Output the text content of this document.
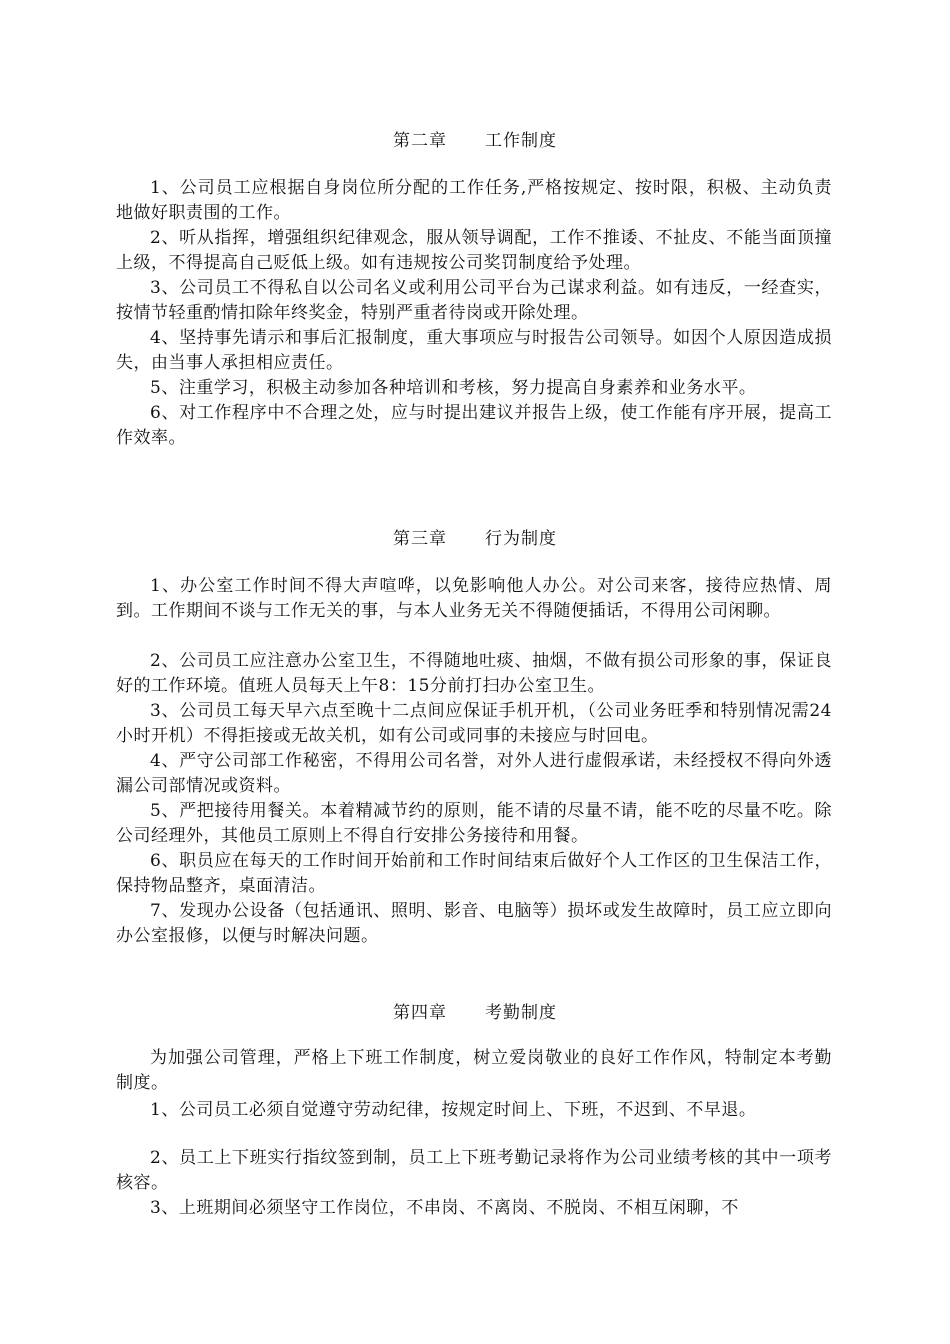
第二章 工作制度

1、公司员工应根据自身岗位所分配的工作任务,严格按规定、按时限，积极、主动负责地做好职责围的工作。

2、听从指挥，增强组织纪律观念，服从领导调配，工作不推诿、不扯皮、不能当面顶撞上级，不得提高自己贬低上级。如有违规按公司奖罚制度给予处理。

3、公司员工不得私自以公司名义或利用公司平台为己谋求利益。如有违反，一经查实，按情节轻重酌情扣除年终奖金，特别严重者待岗或开除处理。

4、坚持事先请示和事后汇报制度，重大事项应与时报告公司领导。如因个人原因造成损失，由当事人承担相应责任。

5、注重学习，积极主动参加各种培训和考核，努力提高自身素养和业务水平。

6、对工作程序中不合理之处，应与时提出建议并报告上级，使工作能有序开展，提高工作效率。

第三章 行为制度

1、办公室工作时间不得大声喧哗，以免影响他人办公。对公司来客，接待应热情、周到。工作期间不谈与工作无关的事，与本人业务无关不得随便插话，不得用公司闲聊。

2、公司员工应注意办公室卫生，不得随地吐痰、抽烟，不做有损公司形象的事，保证良好的工作环境。值班人员每天上午8：15分前打扫办公室卫生。

3、公司员工每天早六点至晚十二点间应保证手机开机，（公司业务旺季和特别情况需24小时开机）不得拒接或无故关机，如有公司或同事的未接应与时回电。

4、严守公司部工作秘密，不得用公司名誉，对外人进行虚假承诺，未经授权不得向外透漏公司部情况或资料。

5、严把接待用餐关。本着精减节约的原则，能不请的尽量不请，能不吃的尽量不吃。除公司经理外，其他员工原则上不得自行安排公务接待和用餐。

6、职员应在每天的工作时间开始前和工作时间结束后做好个人工作区的卫生保洁工作，保持物品整齐，桌面清洁。

7、发现办公设备（包括通讯、照明、影音、电脑等）损坏或发生故障时，员工应立即向办公室报修，以便与时解决问题。

第四章 考勤制度

为加强公司管理，严格上下班工作制度，树立爱岗敬业的良好工作作风，特制定本考勤制度。

1、公司员工必须自觉遵守劳动纪律，按规定时间上、下班，不迟到、不早退。

2、员工上下班实行指纹签到制，员工上下班考勤记录将作为公司业绩考核的其中一项考核容。

3、上班期间必须坚守工作岗位，不串岗、不离岗、不脱岗、不相互闲聊，不
